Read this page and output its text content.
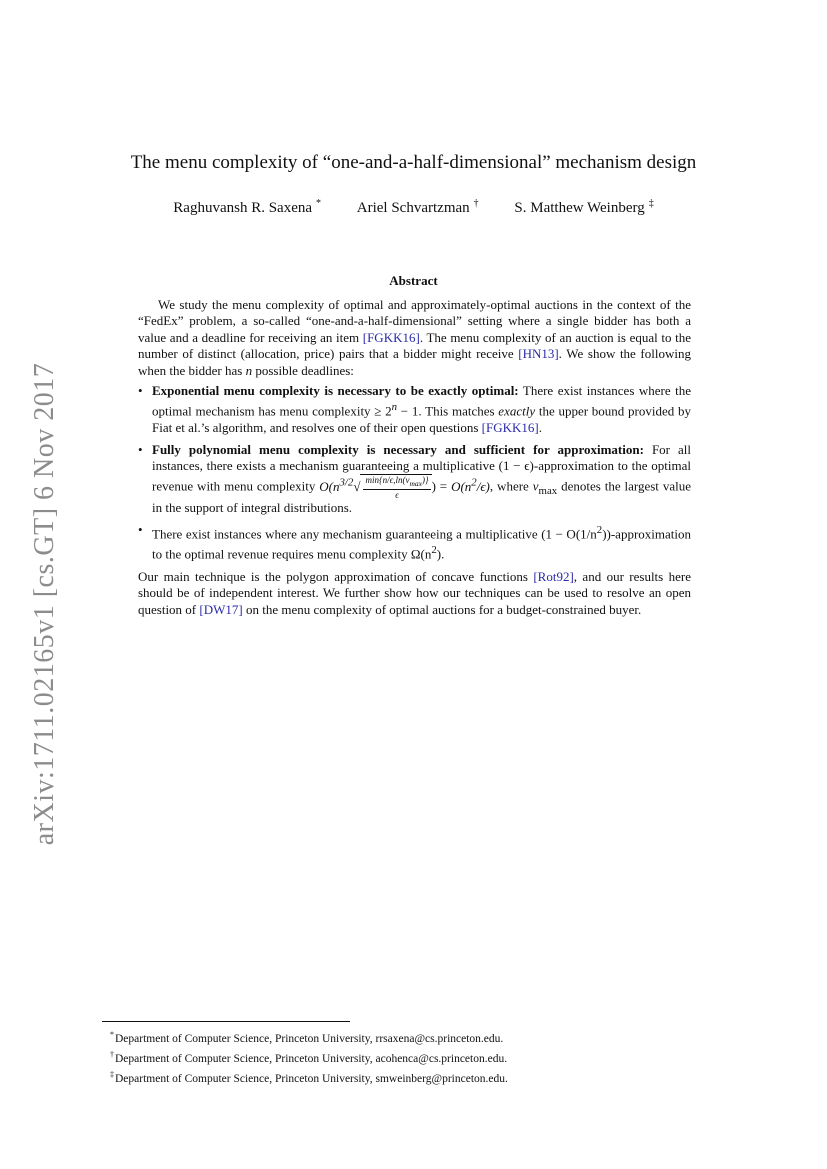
The menu complexity of “one-and-a-half-dimensional” mechanism design
Raghuvansh R. Saxena * Ariel Schvartzman † S. Matthew Weinberg ‡
Abstract

We study the menu complexity of optimal and approximately-optimal auctions in the context of the “FedEx” problem, a so-called “one-and-a-half-dimensional” setting where a single bidder has both a value and a deadline for receiving an item [FGKK16]. The menu complexity of an auction is equal to the number of distinct (allocation, price) pairs that a bidder might receive [HN13]. We show the following when the bidder has n possible deadlines:

• Exponential menu complexity is necessary to be exactly optimal: There exist instances where the optimal mechanism has menu complexity ≥ $2^n - 1$. This matches exactly the upper bound provided by Fiat et al.’s algorithm, and resolves one of their open questions [FGKK16].
• Fully polynomial menu complexity is necessary and sufficient for approximation: For all instances, there exists a mechanism guaranteeing a multiplicative (1 − ϵ)-approximation to the optimal revenue with menu complexity $O(n^{3/2}√ \frac{\min\{n/\epsilon,\ln(v_{max})\}}{\epsilon}$ ) = $O(n^2/\epsilon)$, where $v_{max}$ denotes the largest value in the support of integral distributions.
• There exist instances where any mechanism guaranteeing a multiplicative $(1 - O(1/n^2))$-approximation to the optimal revenue requires menu complexity $\Omega(n^2)$.

Our main technique is the polygon approximation of concave functions [Rot92], and our results here should be of independent interest. We further show how our techniques can be used to resolve an open question of [DW17] on the menu complexity of optimal auctions for a budget-constrained buyer.

arXiv:1711.02165v1 [cs.GT] 6 Nov 2017
*Department of Computer Science, Princeton University, rrsaxena@cs.princeton.edu.
†Department of Computer Science, Princeton University, acohenca@cs.princeton.edu.
‡Department of Computer Science, Princeton University, smweinberg@princeton.edu.
